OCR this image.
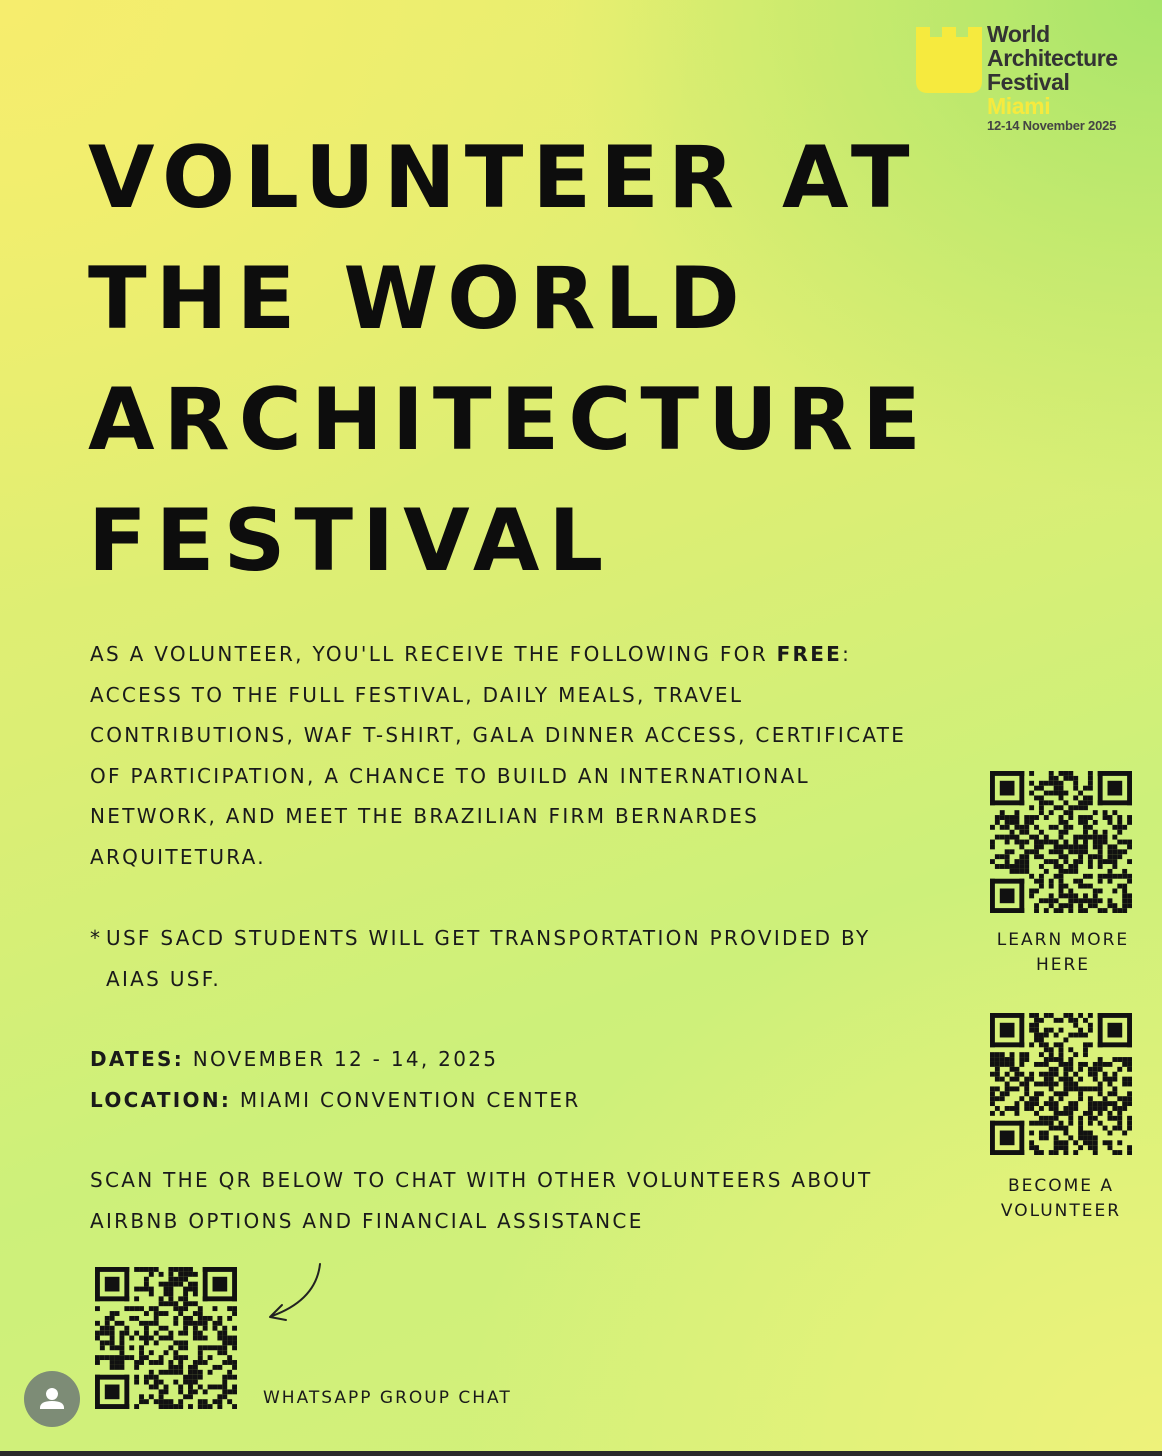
World
Architecture
Festival
Miami
12-14 November 2025
VOLUNTEER AT
THE WORLD
ARCHITECTURE
FESTIVAL
AS A VOLUNTEER, YOU'LL RECEIVE THE FOLLOWING FOR FREE:
ACCESS TO THE FULL FESTIVAL, DAILY MEALS, TRAVEL
CONTRIBUTIONS, WAF T-SHIRT, GALA DINNER ACCESS, CERTIFICATE
OF PARTICIPATION, A CHANCE TO BUILD AN INTERNATIONAL
NETWORK, AND MEET THE BRAZILIAN FIRM BERNARDES
ARQUITETURA.
* USF SACD STUDENTS WILL GET TRANSPORTATION PROVIDED BY
AIAS USF.
DATES: NOVEMBER 12 - 14, 2025
LOCATION: MIAMI CONVENTION CENTER
SCAN THE QR BELOW TO CHAT WITH OTHER VOLUNTEERS ABOUT
AIRBNB OPTIONS AND FINANCIAL ASSISTANCE
LEARN MORE
HERE
BECOME A
VOLUNTEER
WHATSAPP GROUP CHAT
